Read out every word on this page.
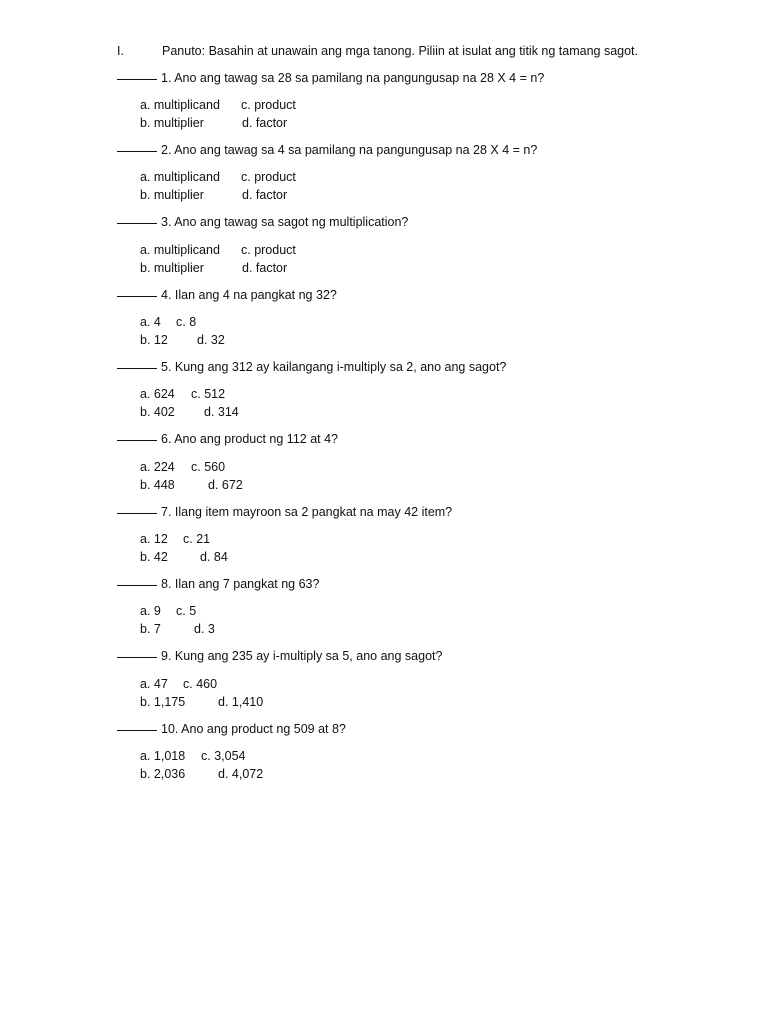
I.	Panuto: Basahin at unawain ang mga tanong. Piliin at isulat ang titik ng tamang sagot.
1. Ano ang tawag sa 28 sa pamilang na pangungusap na 28 X 4 = n?
a. multiplicand c. product
b. multiplier	d. factor
2. Ano ang tawag sa 4 sa pamilang na pangungusap na 28 X 4 = n?
a. multiplicand c. product
b. multiplier	d. factor
3. Ano ang tawag sa sagot ng multiplication?
a. multiplicand c. product
b. multiplier	d. factor
4. Ilan ang 4 na pangkat ng 32?
a. 4 c. 8
b. 12 d. 32
5. Kung ang 312 ay kailangang i-multiply sa 2, ano ang sagot?
a. 624 c. 512
b. 402 d. 314
6. Ano ang product ng 112 at 4?
a. 224 c. 560
b. 448	d. 672
7. Ilang item mayroon sa 2 pangkat na may 42 item?
a. 12 c. 21
b. 42	d. 84
8. Ilan ang 7 pangkat ng 63?
a. 9 c. 5
b. 7	d. 3
9. Kung ang 235 ay i-multiply sa 5, ano ang sagot?
a. 47 c. 460
b. 1,175	d. 1,410
10. Ano ang product ng 509 at 8?
a. 1,018 c. 3,054
b. 2,036	d. 4,072
